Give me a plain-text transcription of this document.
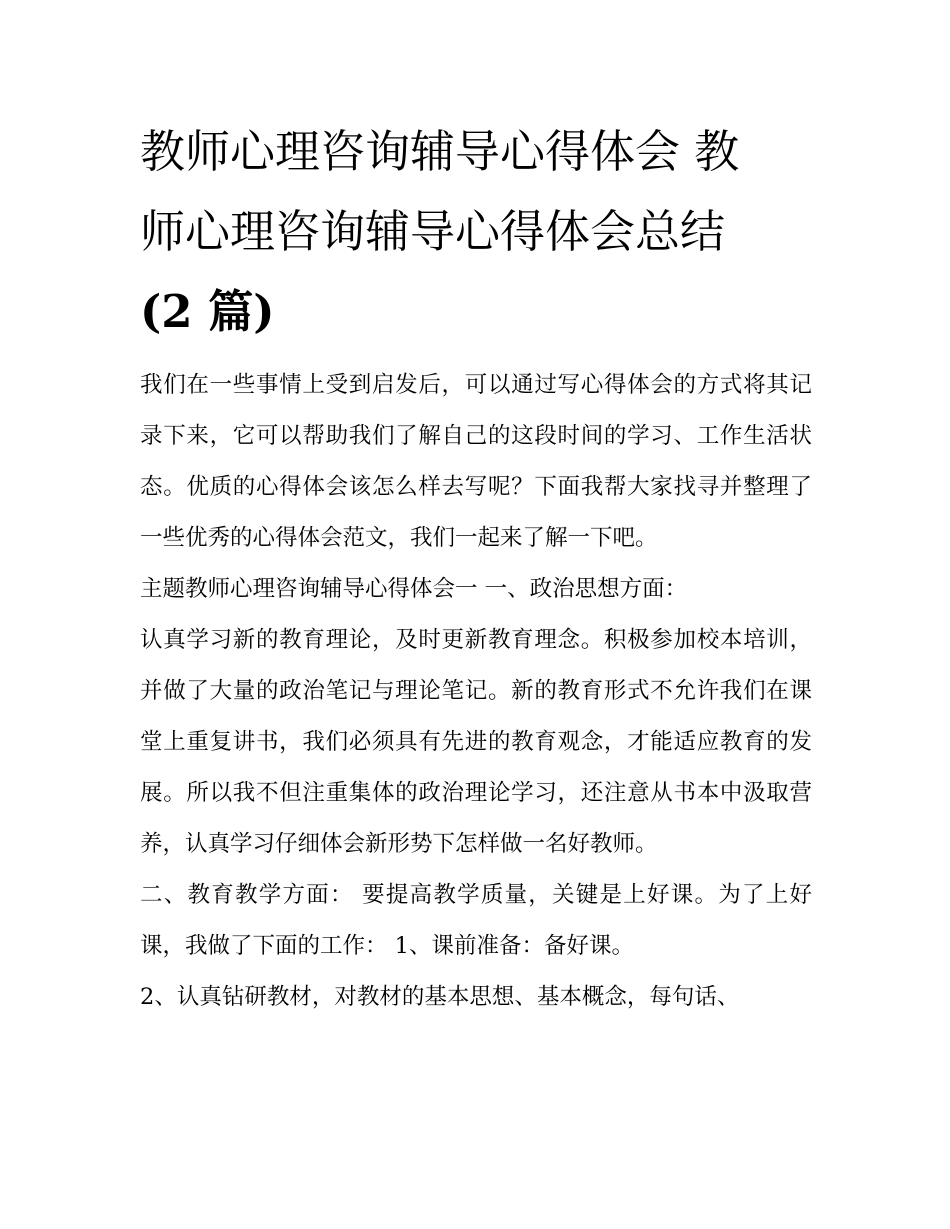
教师心理咨询辅导心得体会 教
师心理咨询辅导心得体会总结
(2 篇)

我们在一些事情上受到启发后，可以通过写心得体会的方式将其记录下来，它可以帮助我们了解自己的这段时间的学习、工作生活状态。优质的心得体会该怎么样去写呢？下面我帮大家找寻并整理了一些优秀的心得体会范文，我们一起来了解一下吧。

主题教师心理咨询辅导心得体会一 一、政治思想方面：

认真学习新的教育理论，及时更新教育理念。积极参加校本培训，并做了大量的政治笔记与理论笔记。新的教育形式不允许我们在课堂上重复讲书，我们必须具有先进的教育观念，才能适应教育的发展。所以我不但注重集体的政治理论学习，还注意从书本中汲取营养，认真学习仔细体会新形势下怎样做一名好教师。

二、教育教学方面： 要提高教学质量，关键是上好课。为了上好课，我做了下面的工作： 1、课前准备：备好课。

2、认真钻研教材，对教材的基本思想、基本概念，每句话、
